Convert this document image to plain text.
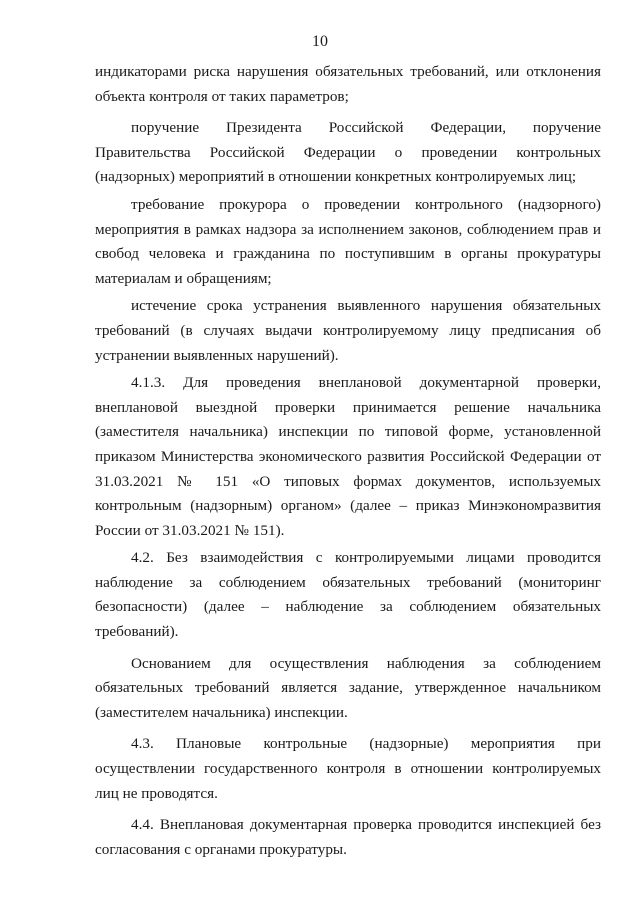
10

индикаторами риска нарушения обязательных требований, или отклонения объекта контроля от таких параметров;

поручение Президента Российской Федерации, поручение Правительства Российской Федерации о проведении контрольных (надзорных) мероприятий в отношении конкретных контролируемых лиц;

требование прокурора о проведении контрольного (надзорного) мероприятия в рамках надзора за исполнением законов, соблюдением прав и свобод человека и гражданина по поступившим в органы прокуратуры материалам и обращениям;

истечение срока устранения выявленного нарушения обязательных требований (в случаях выдачи контролируемому лицу предписания об устранении выявленных нарушений).

4.1.3. Для проведения внеплановой документарной проверки, внеплановой выездной проверки принимается решение начальника (заместителя начальника) инспекции по типовой форме, установленной приказом Министерства экономического развития Российской Федерации от 31.03.2021 № 151 «О типовых формах документов, используемых контрольным (надзорным) органом» (далее – приказ Минэкономразвития России от 31.03.2021 № 151).

4.2. Без взаимодействия с контролируемыми лицами проводится наблюдение за соблюдением обязательных требований (мониторинг безопасности) (далее – наблюдение за соблюдением обязательных требований).

Основанием для осуществления наблюдения за соблюдением обязательных требований является задание, утвержденное начальником (заместителем начальника) инспекции.

4.3. Плановые контрольные (надзорные) мероприятия при осуществлении государственного контроля в отношении контролируемых лиц не проводятся.

4.4. Внеплановая документарная проверка проводится инспекцией без согласования с органами прокуратуры.
